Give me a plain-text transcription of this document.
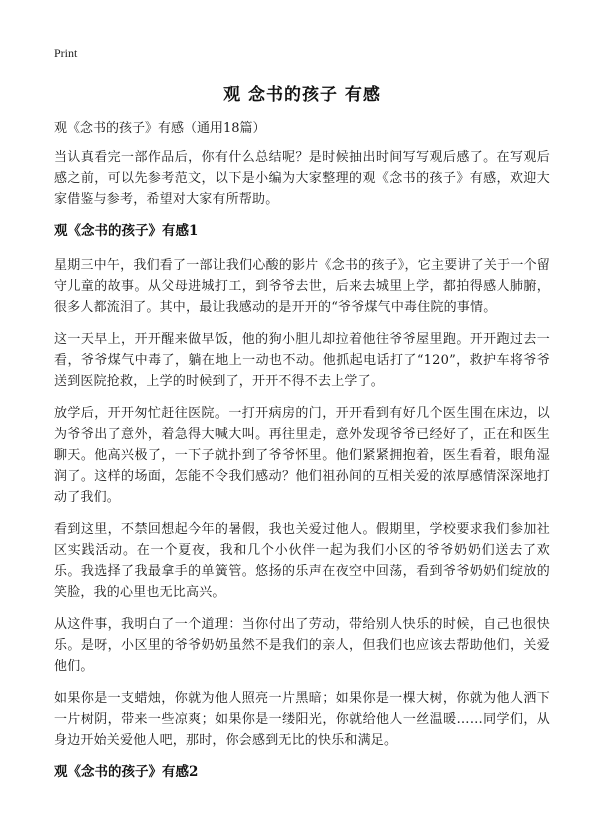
Print
观 念书的孩子 有感
观《念书的孩子》有感（通用18篇）

当认真看完一部作品后，你有什么总结呢？是时候抽出时间写写观后感了。在写观后感之前，可以先参考范文，以下是小编为大家整理的观《念书的孩子》有感，欢迎大家借鉴与参考，希望对大家有所帮助。

观《念书的孩子》有感1

星期三中午，我们看了一部让我们心酸的影片《念书的孩子》，它主要讲了关于一个留守儿童的故事。从父母进城打工，到爷爷去世，后来去城里上学，都拍得感人肺腑，很多人都流泪了。其中，最让我感动的是开开的“爷爷煤气中毒住院的事情。

这一天早上，开开醒来做早饭，他的狗小胆儿却拉着他往爷爷屋里跑。开开跑过去一看，爷爷煤气中毒了，躺在地上一动也不动。他抓起电话打了“120”，救护车将爷爷送到医院抢救，上学的时候到了，开开不得不去上学了。

放学后，开开匆忙赶往医院。一打开病房的门，开开看到有好几个医生围在床边，以为爷爷出了意外，着急得大喊大叫。再往里走，意外发现爷爷已经好了，正在和医生聊天。他高兴极了，一下子就扑到了爷爷怀里。他们紧紧拥抱着，医生看着，眼角湿润了。这样的场面，怎能不令我们感动？他们祖孙间的互相关爱的浓厚感情深深地打动了我们。

看到这里，不禁回想起今年的暑假，我也关爱过他人。假期里，学校要求我们参加社区实践活动。在一个夏夜，我和几个小伙伴一起为我们小区的爷爷奶奶们送去了欢乐。我选择了我最拿手的单簧管。悠扬的乐声在夜空中回荡，看到爷爷奶奶们绽放的笑脸，我的心里也无比高兴。

从这件事，我明白了一个道理：当你付出了劳动，带给别人快乐的时候，自己也很快乐。是呀，小区里的爷爷奶奶虽然不是我们的亲人，但我们也应该去帮助他们，关爱他们。

如果你是一支蜡烛，你就为他人照亮一片黑暗；如果你是一棵大树，你就为他人洒下一片树阴，带来一些凉爽；如果你是一缕阳光，你就给他人一丝温暖……同学们，从身边开始关爱他人吧，那时，你会感到无比的快乐和满足。

观《念书的孩子》有感2
